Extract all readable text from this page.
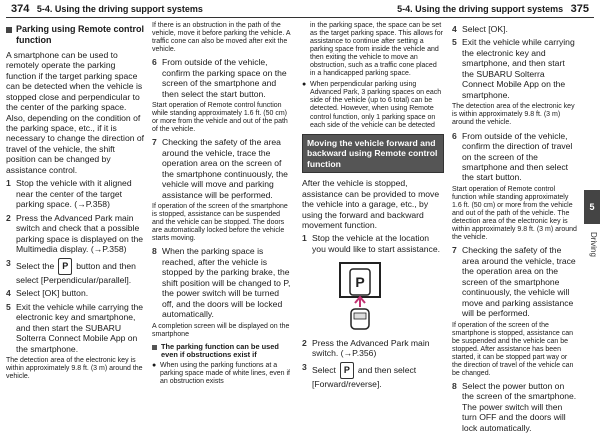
374 5-4. Using the driving support systems	5-4. Using the driving support systems 375
Parking using Remote control function

A smartphone can be used to remotely operate the parking function if the target parking space can be detected when the vehicle is stopped close and perpendicular to the center of the parking space. Also, depending on the condition of the parking space, etc., if it is necessary to change the direction of travel of the vehicle, the shift position can be changed by assistance control.

1 Stop the vehicle with it aligned near the center of the target parking space. (→P.358)
2 Press the Advanced Park main switch and check that a possible parking space is displayed on the Multimedia display. (→P.358)
3 Select the P button and then select [Perpendicular/parallel].
4 Select [OK] button.
5 Exit the vehicle while carrying the electronic key and smartphone, and then start the SUBARU Solterra Connect Mobile App on the smartphone.

The detection area of the electronic key is within approximately 9.8 ft. (3 m) around the vehicle.

If there is an obstruction in the path of the vehicle, move it before parking the vehicle. A traffic cone can also be moved after exit the vehicle.

6 From outside of the vehicle, confirm the parking space on the screen of the smartphone and then select the start button.

Start operation of Remote control function while standing approximately 1.6 ft. (50 cm) or more from the vehicle and out of the path of the vehicle.

7 Checking the safety of the area around the vehicle, trace the operation area on the screen of the smartphone continuously, the vehicle will move and parking assistance will be performed.

If operation of the screen of the smartphone is stopped, assistance can be suspended and the vehicle can be stopped. The doors are automatically locked before the vehicle starts moving.

8 When the parking space is reached, after the vehicle is stopped by the parking brake, the shift position will be changed to P, the power switch will be turned off, and the doors will be locked automatically.

A completion screen will be displayed on the smartphone

The parking function can be used even if obstructions exist if
● When using the parking functions at a parking space made of white lines, even if an obstruction exists

in the parking space, the space can be set as the target parking space. This allows for assistance to continue after setting a parking space from inside the vehicle and then exiting the vehicle to move an obstruction, such as a traffic cone placed in a handicapped parking space.

● When perpendicular parking using Advanced Park, 3 parking spaces on each side of the vehicle (up to 6 total) can be detected. However, when using Remote control function, only 1 parking space on each side of the vehicle can be detected
Moving the vehicle forward and backward using Remote control function

After the vehicle is stopped, assistance can be provided to move the vehicle into a garage, etc., by using the forward and backward movement function.

1 Stop the vehicle at the location you would like to start assistance.
P
2 Press the Advanced Park main switch. (→P.356)
3 Select P and then select [Forward/reverse].
4 Select [OK].
5 Exit the vehicle while carrying the electronic key and smartphone, and then start the SUBARU Solterra Connect Mobile App on the smartphone.

The detection area of the electronic key is within approximately 9.8 ft. (3 m) around the vehicle.

6 From outside of the vehicle, confirm the direction of travel on the screen of the smartphone and then select the start button.

Start operation of Remote control function while standing approximately 1.6 ft. (50 cm) or more from the vehicle and out of the path of the vehicle. The detection area of the electronic key is within approximately 9.8 ft. (3 m) around the vehicle.

7 Checking the safety of the area around the vehicle, trace the operation area on the screen of the smartphone continuously, the vehicle will move and parking assistance will be performed.

If operation of the screen of the smartphone is stopped, assistance can be suspended and the vehicle can be stopped. After assistance has been started, it can be stopped part way or the direction of travel of the vehicle can be changed.

8 Select the power button on the screen of the smartphone. The power switch will then turn OFF and the doors will lock automatically.
5
Driving
